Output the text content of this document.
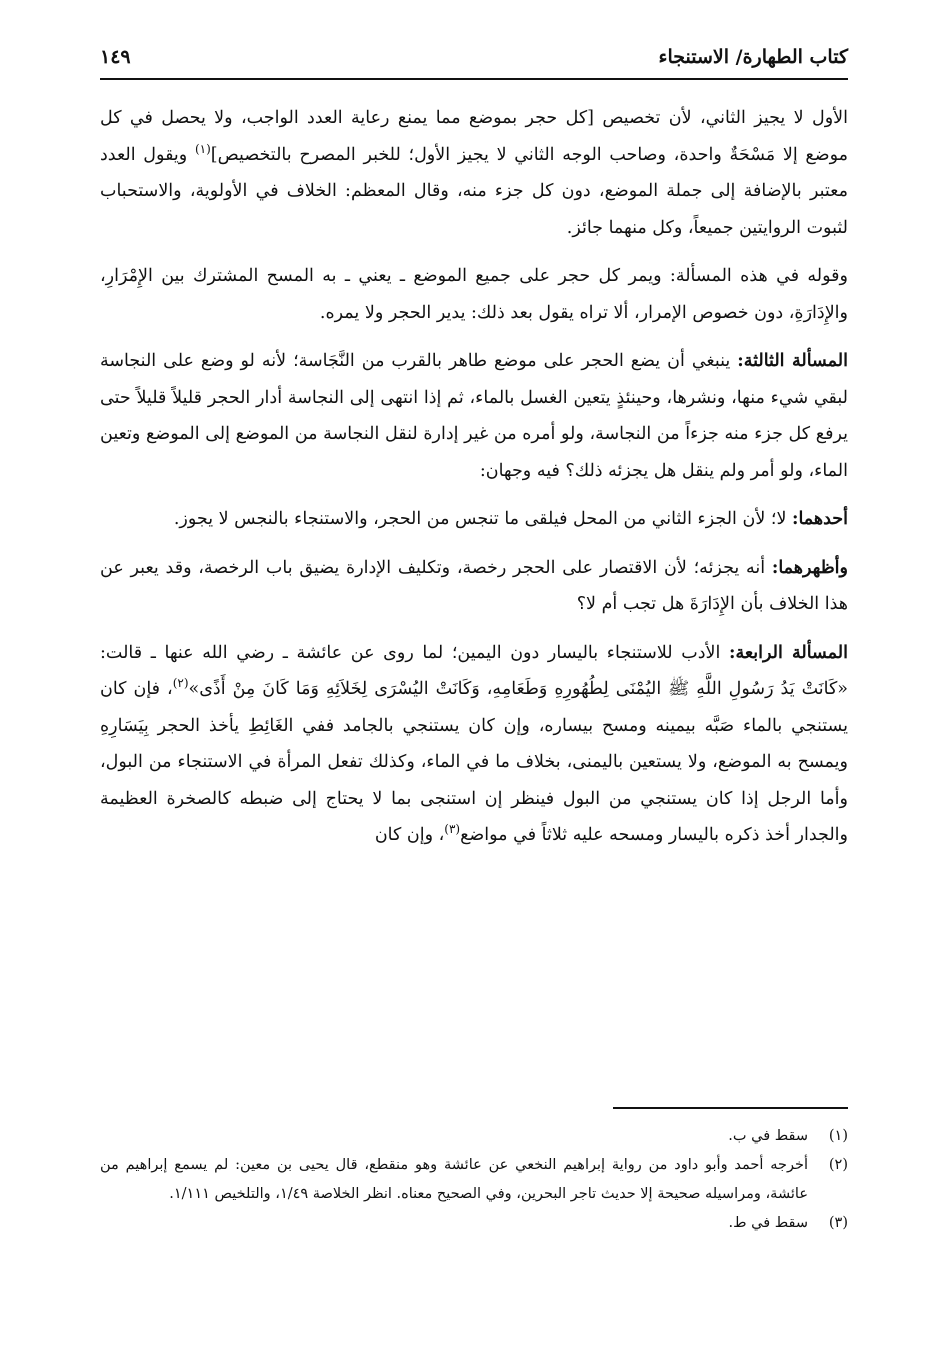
كتاب الطهارة/ الاستنجاء
١٤٩

الأول لا يجيز الثاني، لأن تخصيص [كل حجر بموضع مما يمنع رعاية العدد الواجب، ولا يحصل في كل موضع إلا مَسْحَةٌ واحدة، وصاحب الوجه الثاني لا يجيز الأول؛ للخبر المصرح بالتخصيص]$^{(١)}$ ويقول العدد معتبر بالإضافة إلى جملة الموضع، دون كل جزء منه، وقال المعظم: الخلاف في الأولوية، والاستحباب لثبوت الروايتين جميعاً، وكل منهما جائز.

وقوله في هذه المسألة: ويمر كل حجر على جميع الموضع ـ يعني ـ به المسح المشترك بين الإِمْرَارِ، والإِدَارَةِ، دون خصوص الإمرار، ألا تراه يقول بعد ذلك: يدير الحجر ولا يمره.

المسألة الثالثة: ينبغي أن يضع الحجر على موضع طاهر بالقرب من النَّجَاسة؛ لأنه لو وضع على النجاسة لبقي شيء منها، ونشرها، وحينئذٍ يتعين الغسل بالماء، ثم إذا انتهى إلى النجاسة أدار الحجر قليلاً قليلاً حتى يرفع كل جزء منه جزءاً من النجاسة، ولو أمره من غير إدارة لنقل النجاسة من الموضع إلى الموضع وتعين الماء، ولو أمر ولم ينقل هل يجزئه ذلك؟ فيه وجهان:

أحدهما: لا؛ لأن الجزء الثاني من المحل فيلقى ما تنجس من الحجر، والاستنجاء بالنجس لا يجوز.

وأظهرهما: أنه يجزئه؛ لأن الاقتصار على الحجر رخصة، وتكليف الإدارة يضيق باب الرخصة، وقد يعبر عن هذا الخلاف بأن الإِدَارَةَ هل تجب أم لا؟

المسألة الرابعة: الأدب للاستنجاء باليسار دون اليمين؛ لما روى عن عائشة ـ رضي الله عنها ـ قالت: «كَانَتْ يَدُ رَسُولِ اللَّهِ ﷺ اليُمْنَى لِطُهُورِهِ وَطَعَامِهِ، وَكَانَتْ اليُسْرَى لِخَلاَئِهِ وَمَا كَانَ مِنْ أَذًى»$^{(٢)}$، فإن كان يستنجي بالماء صَبَّه بيمينه ومسح بيساره، وإن كان يستنجي بالجامد ففي الغَائِطِ يأخذ الحجر بِيَسَارِهِ ويمسح به الموضع، ولا يستعين باليمنى، بخلاف ما في الماء، وكذلك تفعل المرأة في الاستنجاء من البول، وأما الرجل إذا كان يستنجي من البول فينظر إن استنجى بما لا يحتاج إلى ضبطه كالصخرة العظيمة والجدار أخذ ذكره باليسار ومسحه عليه ثلاثاً في مواضع$^{(٣)}$، وإن كان

(١)
سقط في ب.
(٢)
أخرجه أحمد وأبو داود من رواية إبراهيم النخعي عن عائشة وهو منقطع، قال يحيى بن معين: لم يسمع إبراهيم من عائشة، ومراسيله صحيحة إلا حديث تاجر البحرين، وفي الصحيح معناه. انظر الخلاصة ١/٤٩، والتلخيص ١/١١١.
(٣)
سقط في ط.
